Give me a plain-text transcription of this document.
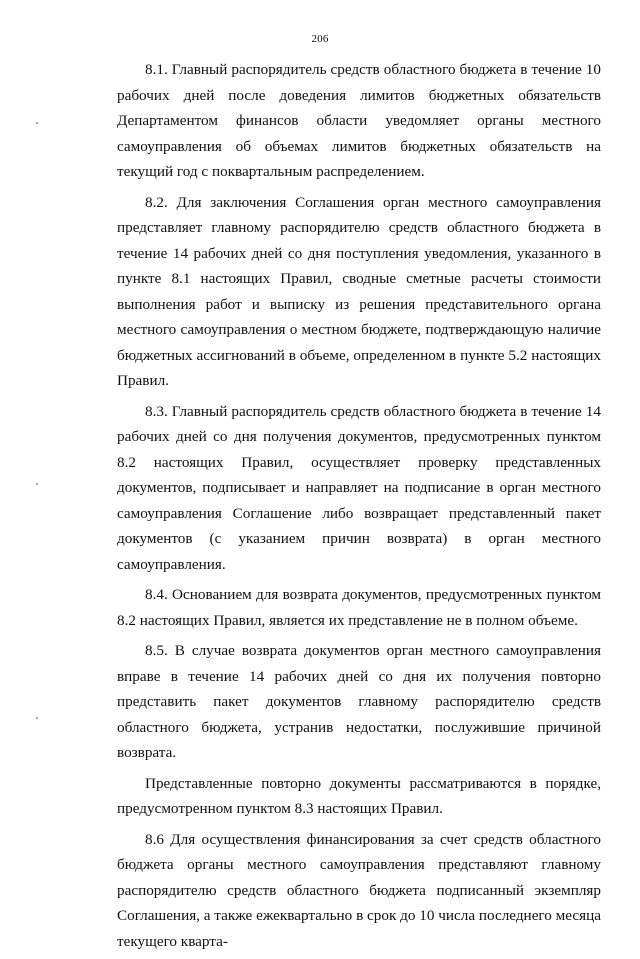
206

8.1. Главный распорядитель средств областного бюджета в течение 10 рабочих дней после доведения лимитов бюджетных обязательств Департаментом финансов области уведомляет органы местного самоуправления об объемах лимитов бюджетных обязательств на текущий год с поквартальным распределением.

8.2. Для заключения Соглашения орган местного самоуправления представляет главному распорядителю средств областного бюджета в течение 14 рабочих дней со дня поступления уведомления, указанного в пункте 8.1 настоящих Правил, сводные сметные расчеты стоимости выполнения работ и выписку из решения представительного органа местного самоуправления о местном бюджете, подтверждающую наличие бюджетных ассигнований в объеме, определенном в пункте 5.2 настоящих Правил.

8.3. Главный распорядитель средств областного бюджета в течение 14 рабочих дней со дня получения документов, предусмотренных пунктом 8.2 настоящих Правил, осуществляет проверку представленных документов, подписывает и направляет на подписание в орган местного самоуправления Соглашение либо возвращает представленный пакет документов (с указанием причин возврата) в орган местного самоуправления.

8.4. Основанием для возврата документов, предусмотренных пунктом 8.2 настоящих Правил, является их представление не в полном объеме.

8.5. В случае возврата документов орган местного самоуправления вправе в течение 14 рабочих дней со дня их получения повторно представить пакет документов главному распорядителю средств областного бюджета, устранив недостатки, послужившие причиной возврата.

Представленные повторно документы рассматриваются в порядке, предусмотренном пунктом 8.3 настоящих Правил.

8.6 Для осуществления финансирования за счет средств областного бюджета органы местного самоуправления представляют главному распорядителю средств областного бюджета подписанный экземпляр Соглашения, а также ежеквартально в срок до 10 числа последнего месяца текущего кварта-
